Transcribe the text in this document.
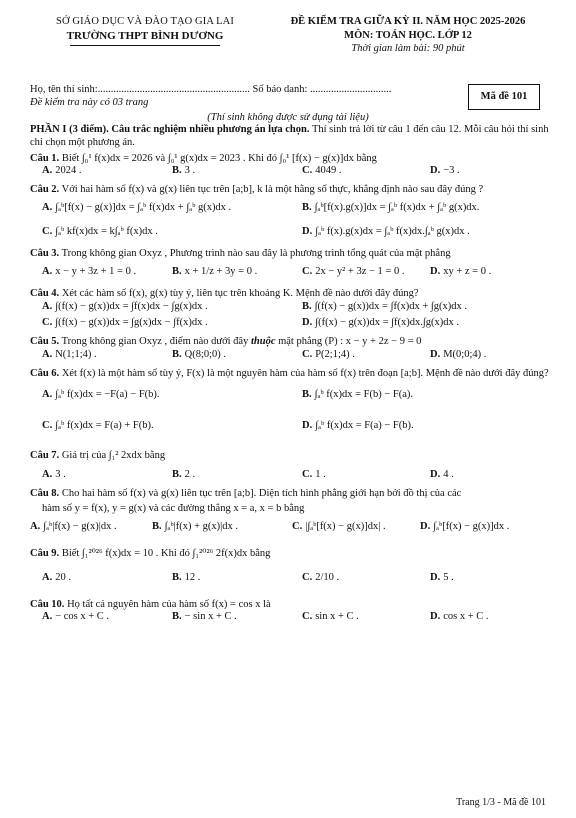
SỞ GIÁO DỤC VÀ ĐÀO TẠO GIA LAI
TRƯỜNG THPT BÌNH DƯƠNG
ĐỀ KIỂM TRA GIỮA KỲ II. NĂM HỌC 2025-2026
MÔN: TOÁN HỌC. LỚP 12
Thời gian làm bài: 90 phút
Họ, tên thí sinh:.......................................................... Số báo danh: ...............................
Đề kiểm tra này có 03 trang
Mã đề 101
(Thí sinh không được sử dụng tài liệu)

PHẦN I (3 điểm). Câu trắc nghiệm nhiều phương án lựa chọn. Thí sinh trả lời từ câu 1 đến câu 12. Mỗi câu hỏi thí sinh chỉ chọn một phương án.

Câu 1. Biết ∫₀¹ f(x)dx = 2026 và ∫₀¹ g(x)dx = 2023 . Khi đó ∫₀¹ [f(x) − g(x)]dx bằng
A. 2024 .	B. 3 .	C. 4049 .	D. −3 .
Câu 2. Với hai hàm số f(x) và g(x) liên tục trên [a;b], k là một hằng số thực, khẳng định nào sau đây đúng ?
A. ∫ₐᵇ[f(x) − g(x)]dx = ∫ₐᵇ f(x)dx + ∫ₐᵇ g(x)dx .	B. ∫ₐᵇ[f(x).g(x)]dx = ∫ₐᵇ f(x)dx + ∫ₐᵇ g(x)dx.
C. ∫ₐᵇ kf(x)dx = k∫ₐᵇ f(x)dx .	D. ∫ₐᵇ f(x).g(x)dx = ∫ₐᵇ f(x)dx.∫ₐᵇ g(x)dx .
Câu 3. Trong không gian Oxyz , Phương trình nào sau đây là phương trình tổng quát của mặt phẳng
A. x − y + 3z + 1 = 0 .	B. x + 1/z + 3y = 0 .	C. 2x − y² + 3z − 1 = 0 . D. xy + z = 0 .
Câu 4. Xét các hàm số f(x), g(x) tùy ý, liên tục trên khoảng K. Mệnh đề nào dưới đây đúng?
A. ∫(f(x) − g(x))dx = ∫f(x)dx − ∫g(x)dx .	B. ∫(f(x) − g(x))dx = ∫f(x)dx + ∫g(x)dx .
C. ∫(f(x) − g(x))dx = ∫g(x)dx − ∫f(x)dx .	D. ∫(f(x) − g(x))dx = ∫f(x)dx.∫g(x)dx .
Câu 5. Trong không gian Oxyz , điểm nào dưới đây thuộc mặt phẳng (P) : x − y + 2z − 9 = 0
A. N(1;1;4) .	B. Q(8;0;0) .	C. P(2;1;4) .	D. M(0;0;4) .
Câu 6. Xét f(x) là một hàm số tùy ý, F(x) là một nguyên hàm của hàm số f(x) trên đoạn [a;b]. Mệnh đề nào dưới đây đúng?
A. ∫ₐᵇ f(x)dx = −F(a) − F(b).	B. ∫ₐᵇ f(x)dx = F(b) − F(a).
C. ∫ₐᵇ f(x)dx = F(a) + F(b).	D. ∫ₐᵇ f(x)dx = F(a) − F(b).
Câu 7. Giá trị của ∫₁² 2xdx bằng
A. 3 .	B. 2 .	C. 1 .	D. 4 .
Câu 8. Cho hai hàm số f(x) và g(x) liên tục trên [a;b]. Diện tích hình phẳng giới hạn bởi đồ thị của các
hàm số y = f(x), y = g(x) và các đường thẳng x = a, x = b bằng
A. ∫ₐᵇ|f(x) − g(x)|dx .	B. ∫ₐᵇ|f(x) + g(x)|dx .	C. |∫ₐᵇ[f(x) − g(x)]dx| .	D. ∫ₐᵇ[f(x) − g(x)]dx .
Câu 9. Biết ∫₁²⁰²⁶ f(x)dx = 10 . Khi đó ∫₁²⁰²⁶ 2f(x)dx bằng
A. 20 .	B. 12 .	C. 2/10 .	D. 5 .
Câu 10. Họ tất cả nguyên hàm của hàm số f(x) = cos x là
A. − cos x + C .	B. − sin x + C .	C. sin x + C .	D. cos x + C .
Trang 1/3 - Mã đề 101
